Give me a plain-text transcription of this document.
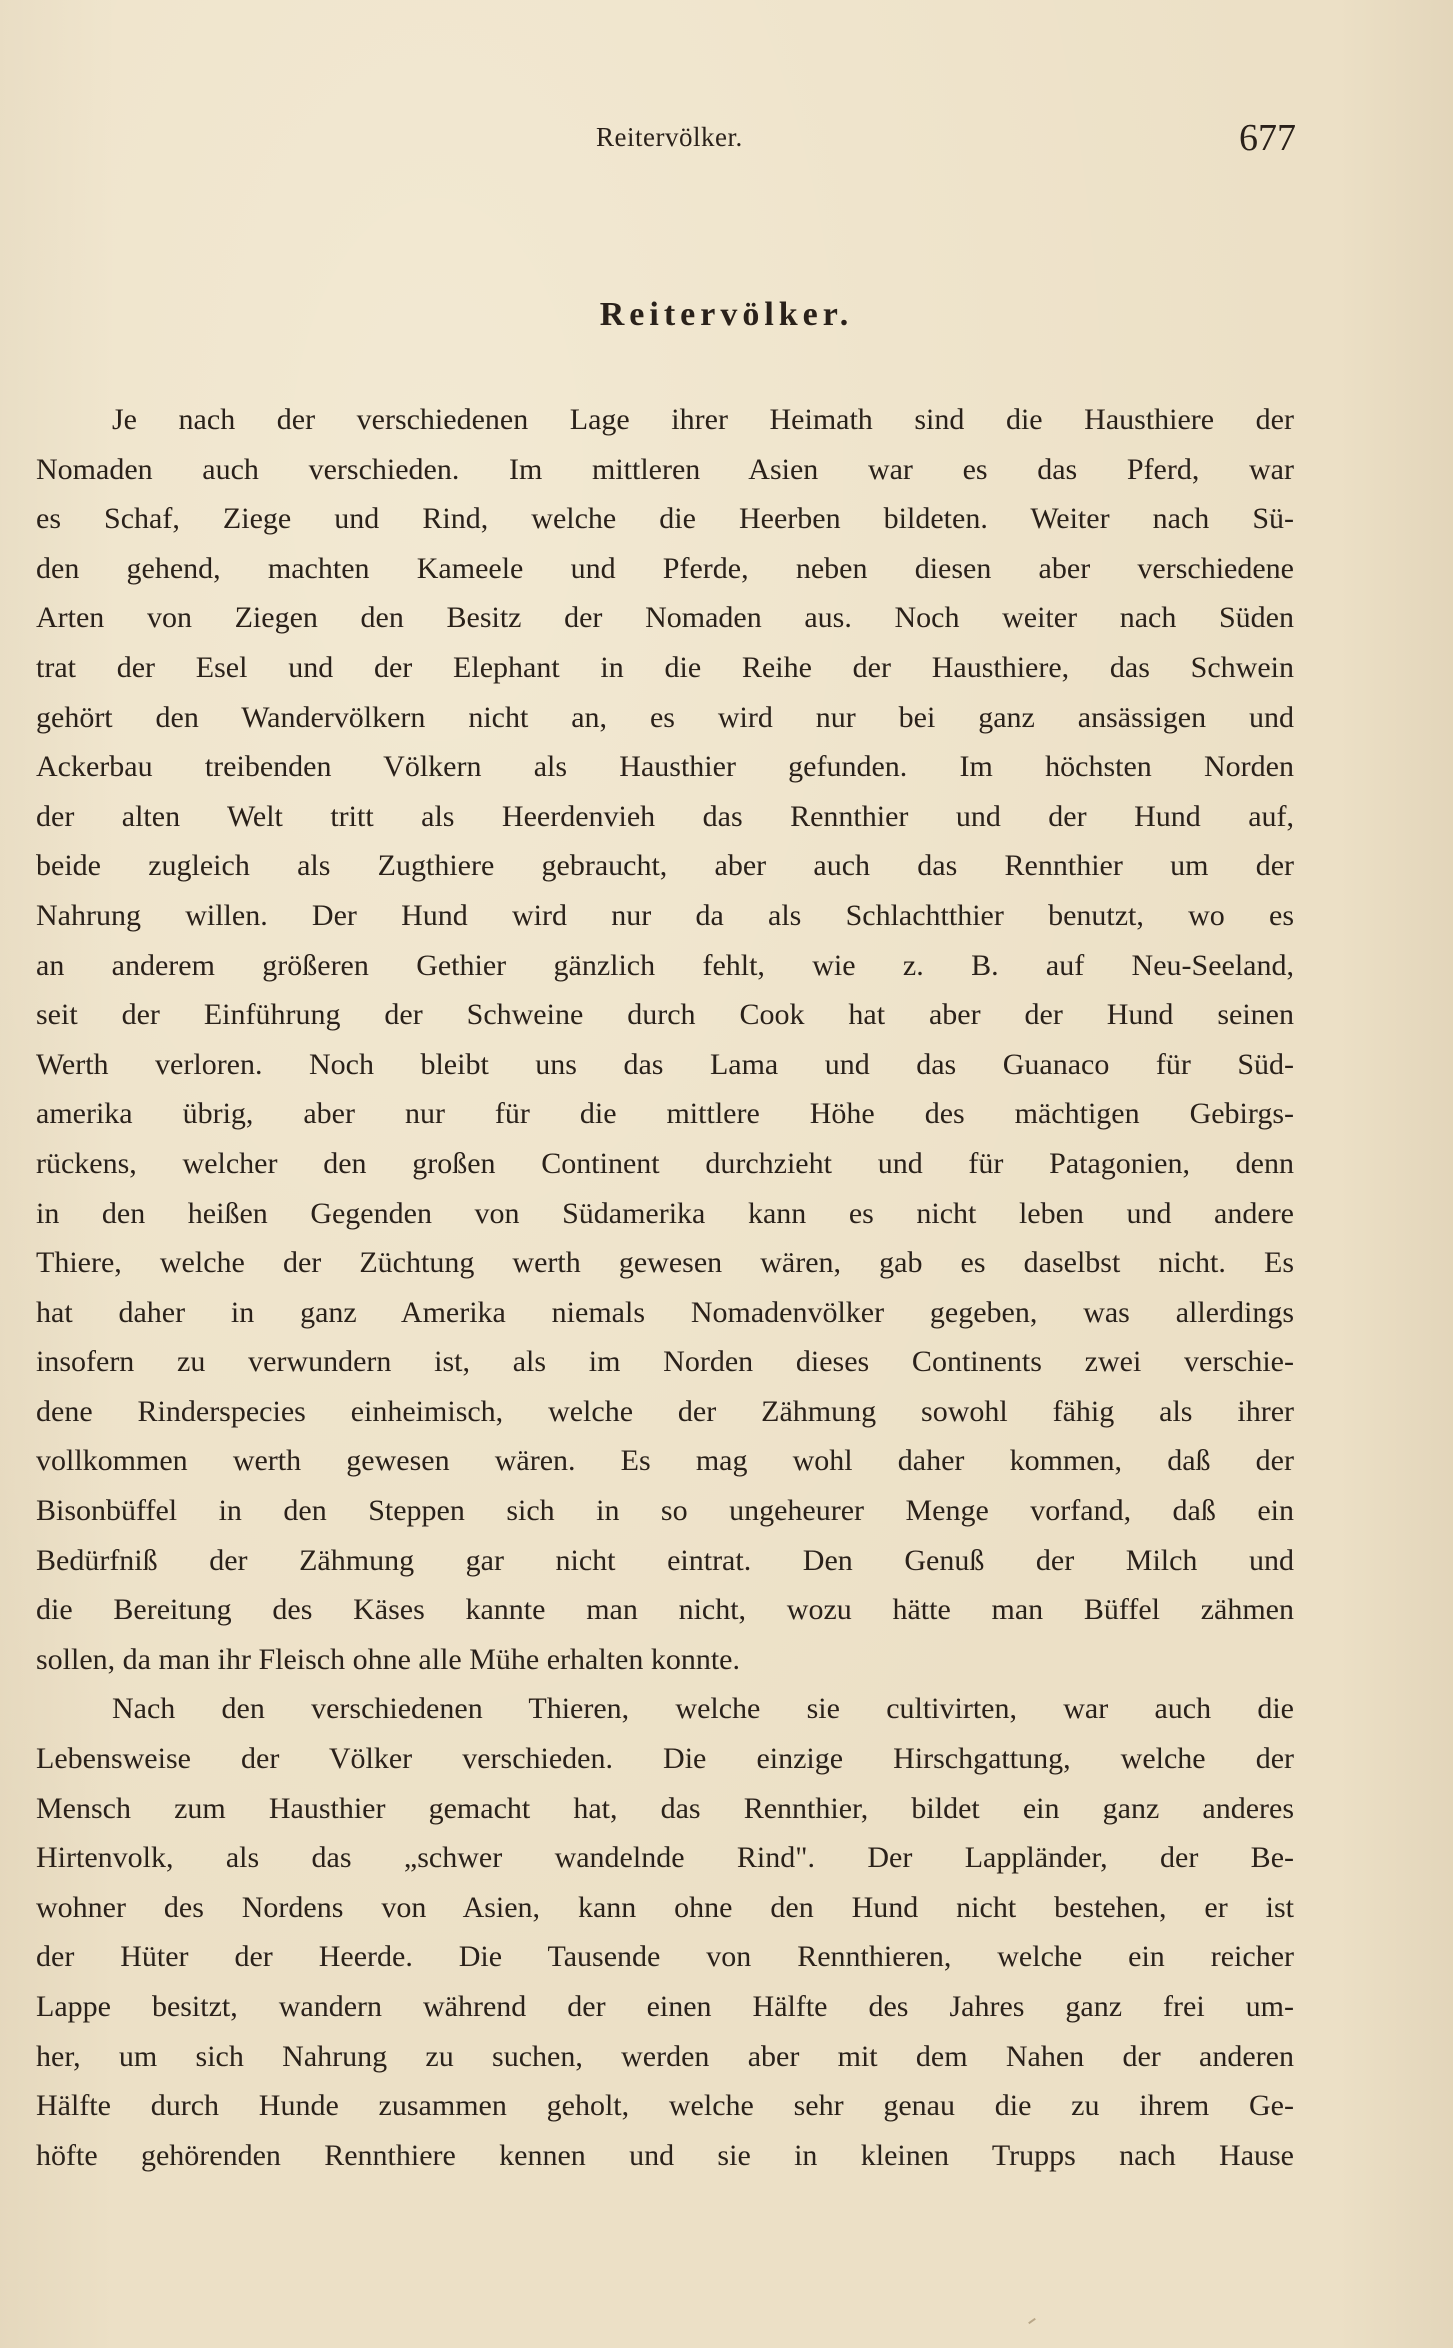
Reitervölker.	677
Reitervölker.
Je nach der verschiedenen Lage ihrer Heimath sind die Hausthiere der
Nomaden auch verschieden. Im mittleren Asien war es das Pferd, war
es Schaf, Ziege und Rind, welche die Heerben bildeten. Weiter nach Sü-
den gehend, machten Kameele und Pferde, neben diesen aber verschiedene
Arten von Ziegen den Besitz der Nomaden aus. Noch weiter nach Süden
trat der Esel und der Elephant in die Reihe der Hausthiere, das Schwein
gehört den Wandervölkern nicht an, es wird nur bei ganz ansässigen und
Ackerbau treibenden Völkern als Hausthier gefunden. Im höchsten Norden
der alten Welt tritt als Heerdenvieh das Rennthier und der Hund auf,
beide zugleich als Zugthiere gebraucht, aber auch das Rennthier um der
Nahrung willen. Der Hund wird nur da als Schlachtthier benutzt, wo es
an anderem größeren Gethier gänzlich fehlt, wie z. B. auf Neu-Seeland,
seit der Einführung der Schweine durch Cook hat aber der Hund seinen
Werth verloren. Noch bleibt uns das Lama und das Guanaco für Süd-
amerika übrig, aber nur für die mittlere Höhe des mächtigen Gebirgs-
rückens, welcher den großen Continent durchzieht und für Patagonien, denn
in den heißen Gegenden von Südamerika kann es nicht leben und andere
Thiere, welche der Züchtung werth gewesen wären, gab es daselbst nicht. Es
hat daher in ganz Amerika niemals Nomadenvölker gegeben, was allerdings
insofern zu verwundern ist, als im Norden dieses Continents zwei verschie-
dene Rinderspecies einheimisch, welche der Zähmung sowohl fähig als ihrer
vollkommen werth gewesen wären. Es mag wohl daher kommen, daß der
Bisonbüffel in den Steppen sich in so ungeheurer Menge vorfand, daß ein
Bedürfniß der Zähmung gar nicht eintrat. Den Genuß der Milch und
die Bereitung des Käses kannte man nicht, wozu hätte man Büffel zähmen
sollen, da man ihr Fleisch ohne alle Mühe erhalten konnte.
Nach den verschiedenen Thieren, welche sie cultivirten, war auch die
Lebensweise der Völker verschieden. Die einzige Hirschgattung, welche der
Mensch zum Hausthier gemacht hat, das Rennthier, bildet ein ganz anderes
Hirtenvolk, als das „schwer wandelnde Rind". Der Lappländer, der Be-
wohner des Nordens von Asien, kann ohne den Hund nicht bestehen, er ist
der Hüter der Heerde. Die Tausende von Rennthieren, welche ein reicher
Lappe besitzt, wandern während der einen Hälfte des Jahres ganz frei um-
her, um sich Nahrung zu suchen, werden aber mit dem Nahen der anderen
Hälfte durch Hunde zusammen geholt, welche sehr genau die zu ihrem Ge-
höfte gehörenden Rennthiere kennen und sie in kleinen Trupps nach Hause
